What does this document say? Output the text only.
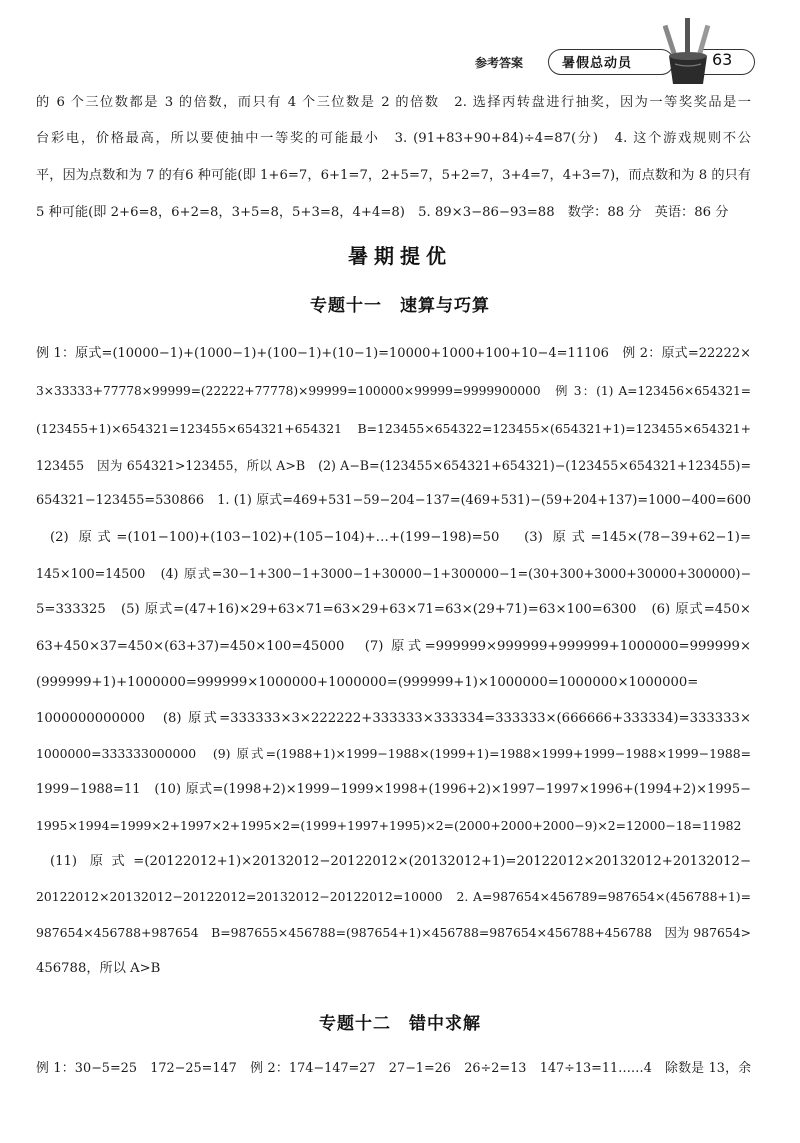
参考答案	暑假总动员	63
的 6 个三位数都是 3 的倍数，而只有 4 个三位数是 2 的倍数　2. 选择丙转盘进行抽奖，因为一等奖奖品是一
台彩电，价格最高，所以要使抽中一等奖的可能最小　3. (91+83+90+84)÷4=87(分)　4. 这个游戏规则不公
平，因为点数和为 7 的有6 种可能(即 1+6=7，6+1=7，2+5=7，5+2=7，3+4=7，4+3=7)，而点数和为 8 的只有
5 种可能(即 2+6=8，6+2=8，3+5=8，5+3=8，4+4=8)　5. 89×3−86−93=88　数学：88 分　英语：86 分
暑期提优
专题十一　速算与巧算
例 1：原式=(10000−1)+(1000−1)+(100−1)+(10−1)=10000+1000+100+10−4=11106　例 2：原式=22222×
3×33333+77778×99999=(22222+77778)×99999=100000×99999=9999900000　例 3：(1) A=123456×654321=
(123455+1)×654321=123455×654321+654321　B=123455×654322=123455×(654321+1)=123455×654321+
123455　因为 654321>123455，所以 A>B　(2) A−B=(123455×654321+654321)−(123455×654321+123455)=
654321−123455=530866　1. (1) 原式=469+531−59−204−137=(469+531)−(59+204+137)=1000−400=600
(2) 原式=(101−100)+(103−102)+(105−104)+…+(199−198)=50　(3) 原式=145×(78−39+62−1)=
145×100=14500　(4) 原式=30−1+300−1+3000−1+30000−1+300000−1=(30+300+3000+30000+300000)−
5=333325　(5) 原式=(47+16)×29+63×71=63×29+63×71=63×(29+71)=63×100=6300　(6) 原式=450×
63+450×37=450×(63+37)=450×100=45000　(7) 原式=999999×999999+999999+1000000=999999×
(999999+1)+1000000=999999×1000000+1000000=(999999+1)×1000000=1000000×1000000=
1000000000000　(8) 原式=333333×3×222222+333333×333334=333333×(666666+333334)=333333×
1000000=333333000000　(9) 原式=(1988+1)×1999−1988×(1999+1)=1988×1999+1999−1988×1999−1988=
1999−1988=11　(10) 原式=(1998+2)×1999−1999×1998+(1996+2)×1997−1997×1996+(1994+2)×1995−
1995×1994=1999×2+1997×2+1995×2=(1999+1997+1995)×2=(2000+2000+2000−9)×2=12000−18=11982
(11) 原式=(20122012+1)×20132012−20122012×(20132012+1)=20122012×20132012+20132012−
20122012×20132012−20122012=20132012−20122012=10000　2. A=987654×456789=987654×(456788+1)=
987654×456788+987654　B=987655×456788=(987654+1)×456788=987654×456788+456788　因为 987654>
456788，所以 A>B
专题十二　错中求解
例 1：30−5=25　172−25=147　例 2：174−147=27　27−1=26　26÷2=13　147÷13=11……4　除数是 13，余
